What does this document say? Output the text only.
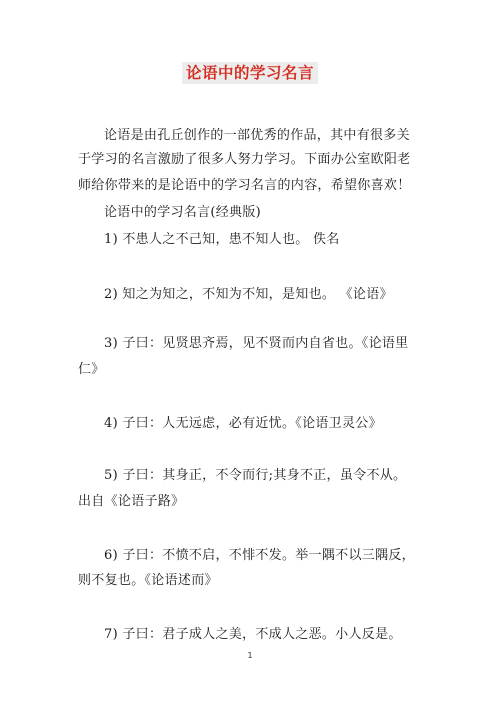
论语中的学习名言
论语是由孔丘创作的一部优秀的作品，其中有很多关
于学习的名言激励了很多人努力学习。下面办公室欧阳老
师给你带来的是论语中的学习名言的内容，希望你喜欢！
论语中的学习名言(经典版)
1) 不患人之不己知，患不知人也。 佚名
2) 知之为知之，不知为不知，是知也。 《论语》
3) 子曰：见贤思齐焉，见不贤而内自省也。《论语里
仁》
4) 子曰：人无远虑，必有近忧。《论语卫灵公》
5) 子曰：其身正，不令而行;其身不正，虽令不从。
出自《论语子路》
6) 子曰：不愤不启，不悱不发。举一隅不以三隅反，
则不复也。《论语述而》
7) 子曰：君子成人之美，不成人之恶。小人反是。
1
